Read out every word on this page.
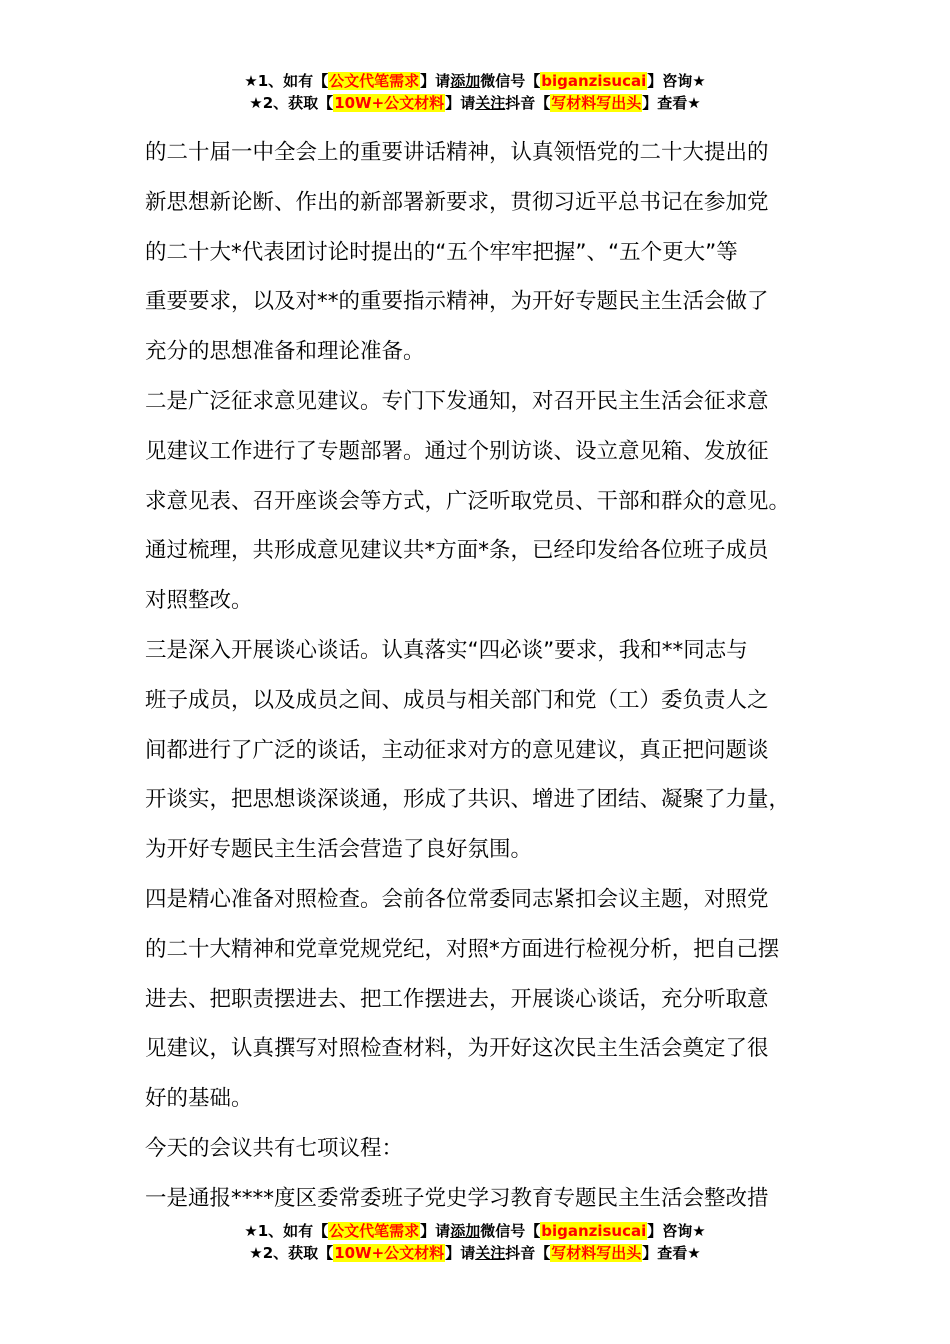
★1、如有【公文代笔需求】请添加微信号【biganzisucai】咨询★
★2、获取【10W+公文材料】请关注抖音【写材料写出头】查看★
的二十届一中全会上的重要讲话精神，认真领悟党的二十大提出的
新思想新论断、作出的新部署新要求，贯彻习近平总书记在参加党
的二十大*代表团讨论时提出的“五个牢牢把握”、“五个更大”等
重要要求，以及对**的重要指示精神，为开好专题民主生活会做了
充分的思想准备和理论准备。
二是广泛征求意见建议。专门下发通知，对召开民主生活会征求意
见建议工作进行了专题部署。通过个别访谈、设立意见箱、发放征
求意见表、召开座谈会等方式，广泛听取党员、干部和群众的意见。
通过梳理，共形成意见建议共*方面*条，已经印发给各位班子成员
对照整改。
三是深入开展谈心谈话。认真落实“四必谈”要求，我和**同志与
班子成员，以及成员之间、成员与相关部门和党（工）委负责人之
间都进行了广泛的谈话，主动征求对方的意见建议，真正把问题谈
开谈实，把思想谈深谈通，形成了共识、增进了团结、凝聚了力量，
为开好专题民主生活会营造了良好氛围。
四是精心准备对照检查。会前各位常委同志紧扣会议主题，对照党
的二十大精神和党章党规党纪，对照*方面进行检视分析，把自己摆
进去、把职责摆进去、把工作摆进去，开展谈心谈话，充分听取意
见建议，认真撰写对照检查材料，为开好这次民主生活会奠定了很
好的基础。
今天的会议共有七项议程：
一是通报****度区委常委班子党史学习教育专题民主生活会整改措
★1、如有【公文代笔需求】请添加微信号【biganzisucai】咨询★
★2、获取【10W+公文材料】请关注抖音【写材料写出头】查看★
